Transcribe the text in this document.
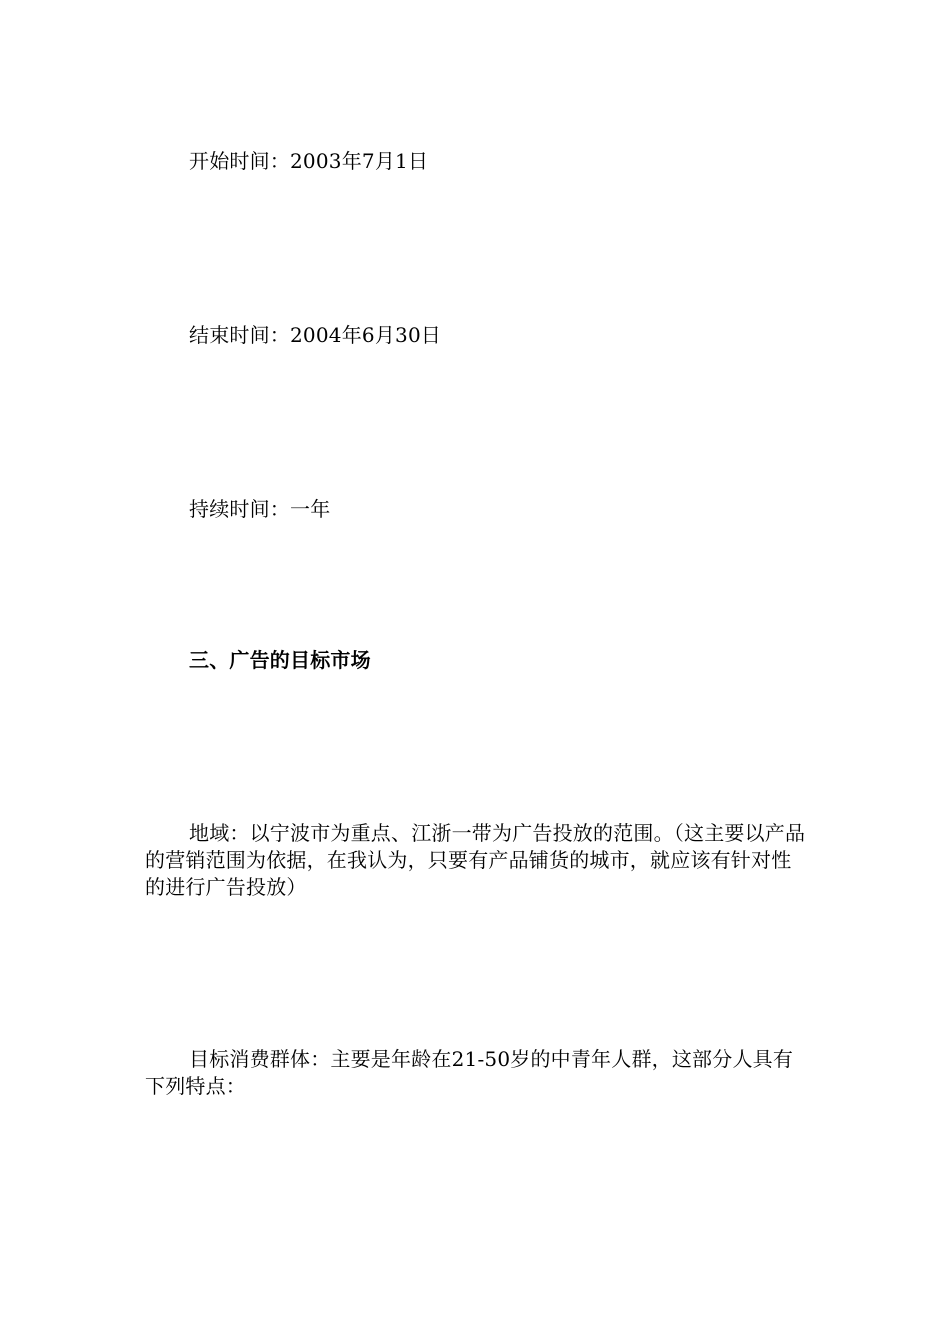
开始时间：2003年7月1日

结束时间：2004年6月30日

持续时间：一年

三、广告的目标市场

地域：以宁波市为重点、江浙一带为广告投放的范围。（这主要以产品的营销范围为依据，在我认为，只要有产品铺货的城市，就应该有针对性的进行广告投放）

目标消费群体：主要是年龄在21-50岁的中青年人群，这部分人具有下列特点：
